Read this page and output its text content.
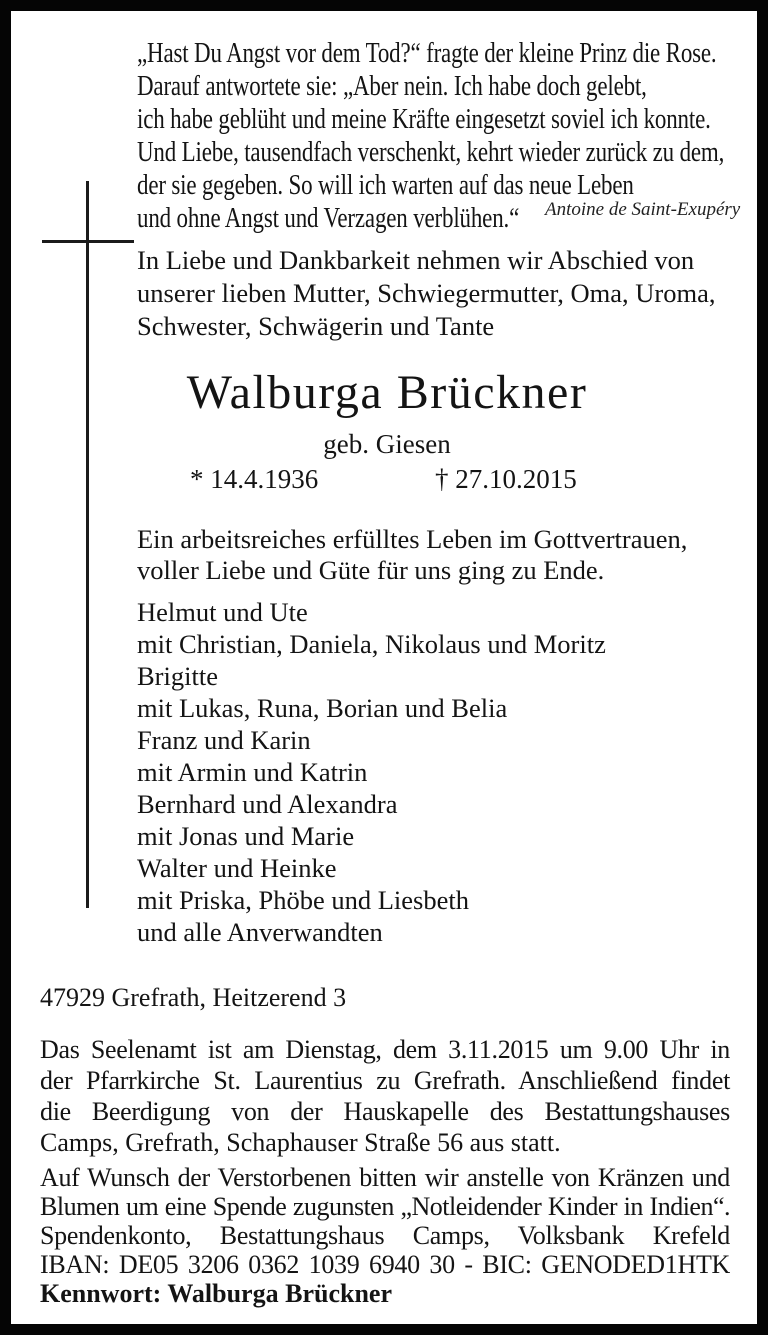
„Hast Du Angst vor dem Tod?“ fragte der kleine Prinz die Rose.
Darauf antwortete sie: „Aber nein. Ich habe doch gelebt,
ich habe geblüht und meine Kräfte eingesetzt soviel ich konnte.
Und Liebe, tausendfach verschenkt, kehrt wieder zurück zu dem,
der sie gegeben. So will ich warten auf das neue Leben
und ohne Angst und Verzagen verblühen.“	Antoine de Saint-Exupéry
In Liebe und Dankbarkeit nehmen wir Abschied von
unserer lieben Mutter, Schwiegermutter, Oma, Uroma,
Schwester, Schwägerin und Tante
Walburga Brückner
geb. Giesen
* 14.4.1936	† 27.10.2015
Ein arbeitsreiches erfülltes Leben im Gottvertrauen,
voller Liebe und Güte für uns ging zu Ende.
Helmut und Ute
mit Christian, Daniela, Nikolaus und Moritz
Brigitte
mit Lukas, Runa, Borian und Belia
Franz und Karin
mit Armin und Katrin
Bernhard und Alexandra
mit Jonas und Marie
Walter und Heinke
mit Priska, Phöbe und Liesbeth
und alle Anverwandten
47929 Grefrath, Heitzerend 3
Das Seelenamt ist am Dienstag, dem 3.11.2015 um 9.00 Uhr in
der Pfarrkirche St. Laurentius zu Grefrath. Anschließend findet
die Beerdigung von der Hauskapelle des Bestattungshauses
Camps, Grefrath, Schaphauser Straße 56 aus statt.
Auf Wunsch der Verstorbenen bitten wir anstelle von Kränzen und
Blumen um eine Spende zugunsten „Notleidender Kinder in Indien“.
Spendenkonto, Bestattungshaus Camps, Volksbank Krefeld
IBAN: DE05 3206 0362 1039 6940 30 - BIC: GENODED1HTK
Kennwort: Walburga Brückner
